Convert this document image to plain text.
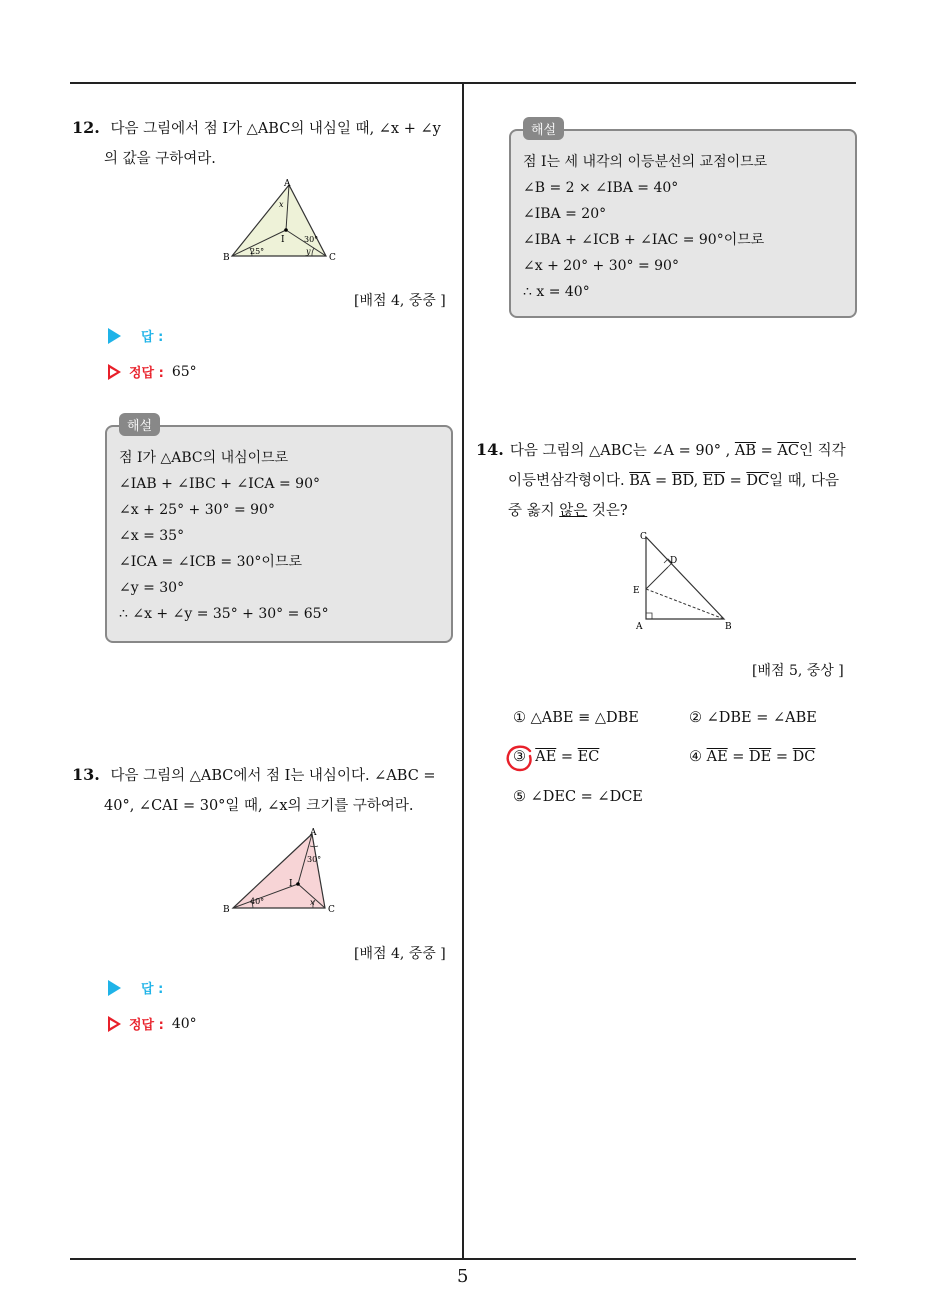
5
12. 다음 그림에서 점 I가 △ABC의 내심일 때, ∠x + ∠y
의 값을 구하여라.
A
B	C
I
x
y
25°
30°
[배점 4, 중중 ]
답 :
정답 : 65°
해설
점 I가 △ABC의 내심이므로
∠IAB + ∠IBC + ∠ICA = 90°
∠x + 25° + 30° = 90°
∠x = 35°
∠ICA = ∠ICB = 30°이므로
∠y = 30°
∴ ∠x + ∠y = 35° + 30° = 65°
13. 다음 그림의 △ABC에서 점 I는 내심이다. ∠ABC =
40°, ∠CAI = 30°일 때, ∠x의 크기를 구하여라.
A
B	C
I
x
30°
40°
[배점 4, 중중 ]
답 :
정답 : 40°
해설
점 I는 세 내각의 이등분선의 교점이므로
∠B = 2 × ∠IBA = 40°
∠IBA = 20°
∠IBA + ∠ICB + ∠IAC = 90°이므로
∠x + 20° + 30° = 90°
∴ x = 40°
14. 다음 그림의 △ABC는 ∠A = 90° , $\overline{AB} = \overline{AC}$인 직각
이등변삼각형이다. $\overline{BA} = \overline{BD}$, $\overline{ED} = \overline{DC}$일 때, 다음
중 옳지 않은 것은?
C
D
E
A	B
[배점 5, 중상 ]
① △ABE ≡ △DBE	② ∠DBE = ∠ABE
③ $\overline{AE} = \overline{EC}$	④ $\overline{AE} = \overline{DE} = \overline{DC}$
⑤ ∠DEC = ∠DCE
